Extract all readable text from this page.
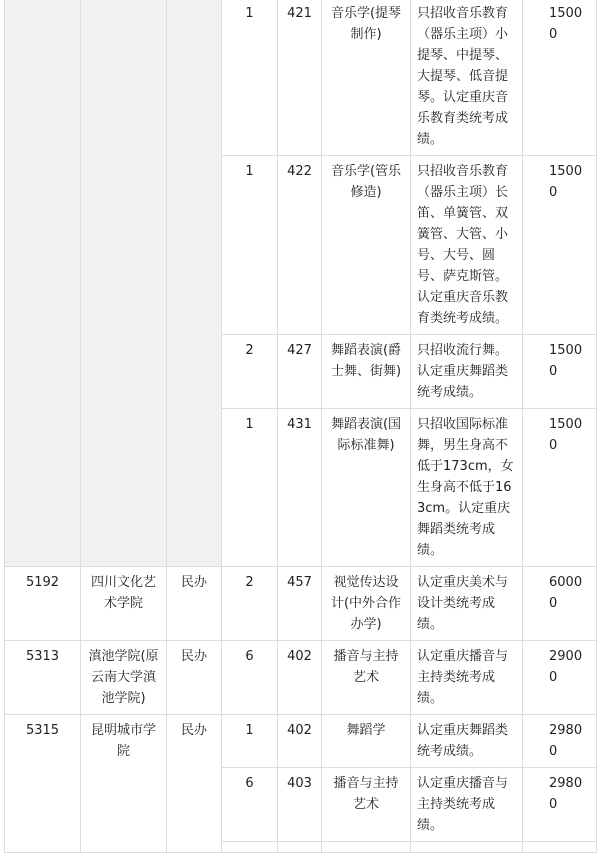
			1	421	音乐学(提琴制作)	只招收音乐教育（器乐主项）小提琴、中提琴、大提琴、低音提琴。认定重庆音乐教育类统考成绩。	15000
			1	422	音乐学(管乐修造)	只招收音乐教育（器乐主项）长笛、单簧管、双簧管、大管、小号、大号、圆号、萨克斯管。认定重庆音乐教育类统考成绩。	15000
			2	427	舞蹈表演(爵士舞、街舞)	只招收流行舞。认定重庆舞蹈类统考成绩。	15000
			1	431	舞蹈表演(国际标准舞)	只招收国际标准舞，男生身高不低于173cm，女生身高不低于163cm。认定重庆舞蹈类统考成绩。	15000
5192	四川文化艺术学院	民办	2	457	视觉传达设计(中外合作办学)	认定重庆美术与设计类统考成绩。	60000
5313	滇池学院(原云南大学滇池学院)	民办	6	402	播音与主持艺术	认定重庆播音与主持类统考成绩。	29000
5315	昆明城市学院	民办	1	402	舞蹈学	认定重庆舞蹈类统考成绩。	29800
			6	403	播音与主持艺术	认定重庆播音与主持类统考成绩。	29800
